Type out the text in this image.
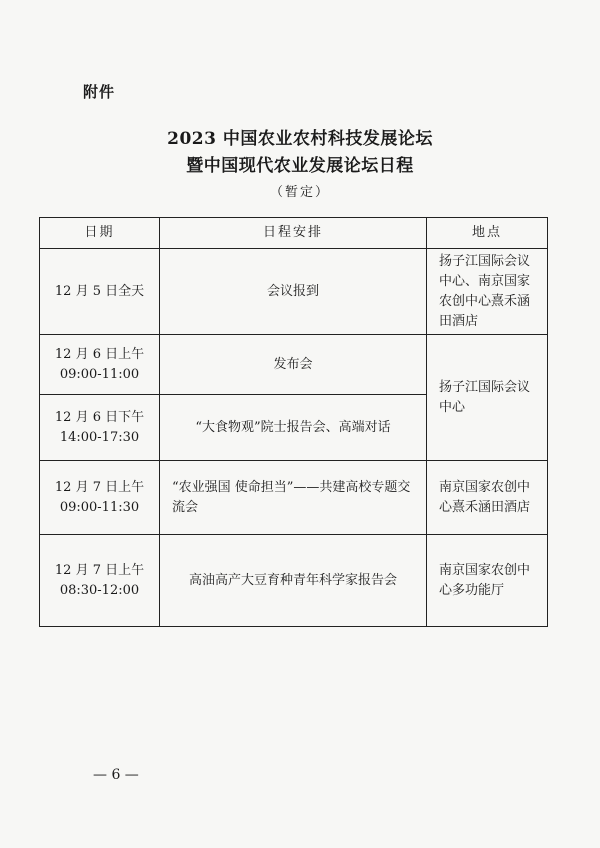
附件
2023 中国农业农村科技发展论坛
暨中国现代农业发展论坛日程
（暂定）
日期	日程安排	地点

12 月 5 日全天	会议报到	扬子江国际会议中心、南京国家农创中心熹禾涵田酒店

12 月 6 日上午
09:00-11:00	发布会	扬子江国际会议中心

12 月 6 日下午
14:00-17:30	“大食物观”院士报告会、高端对话	

12 月 7 日上午
09:00-11:30	“农业强国 使命担当”——共建高校专题交流会	南京国家农创中心熹禾涵田酒店

12 月 7 日上午
08:30-12:00	高油高产大豆育种青年科学家报告会	南京国家农创中心多功能厅
— 6 —
